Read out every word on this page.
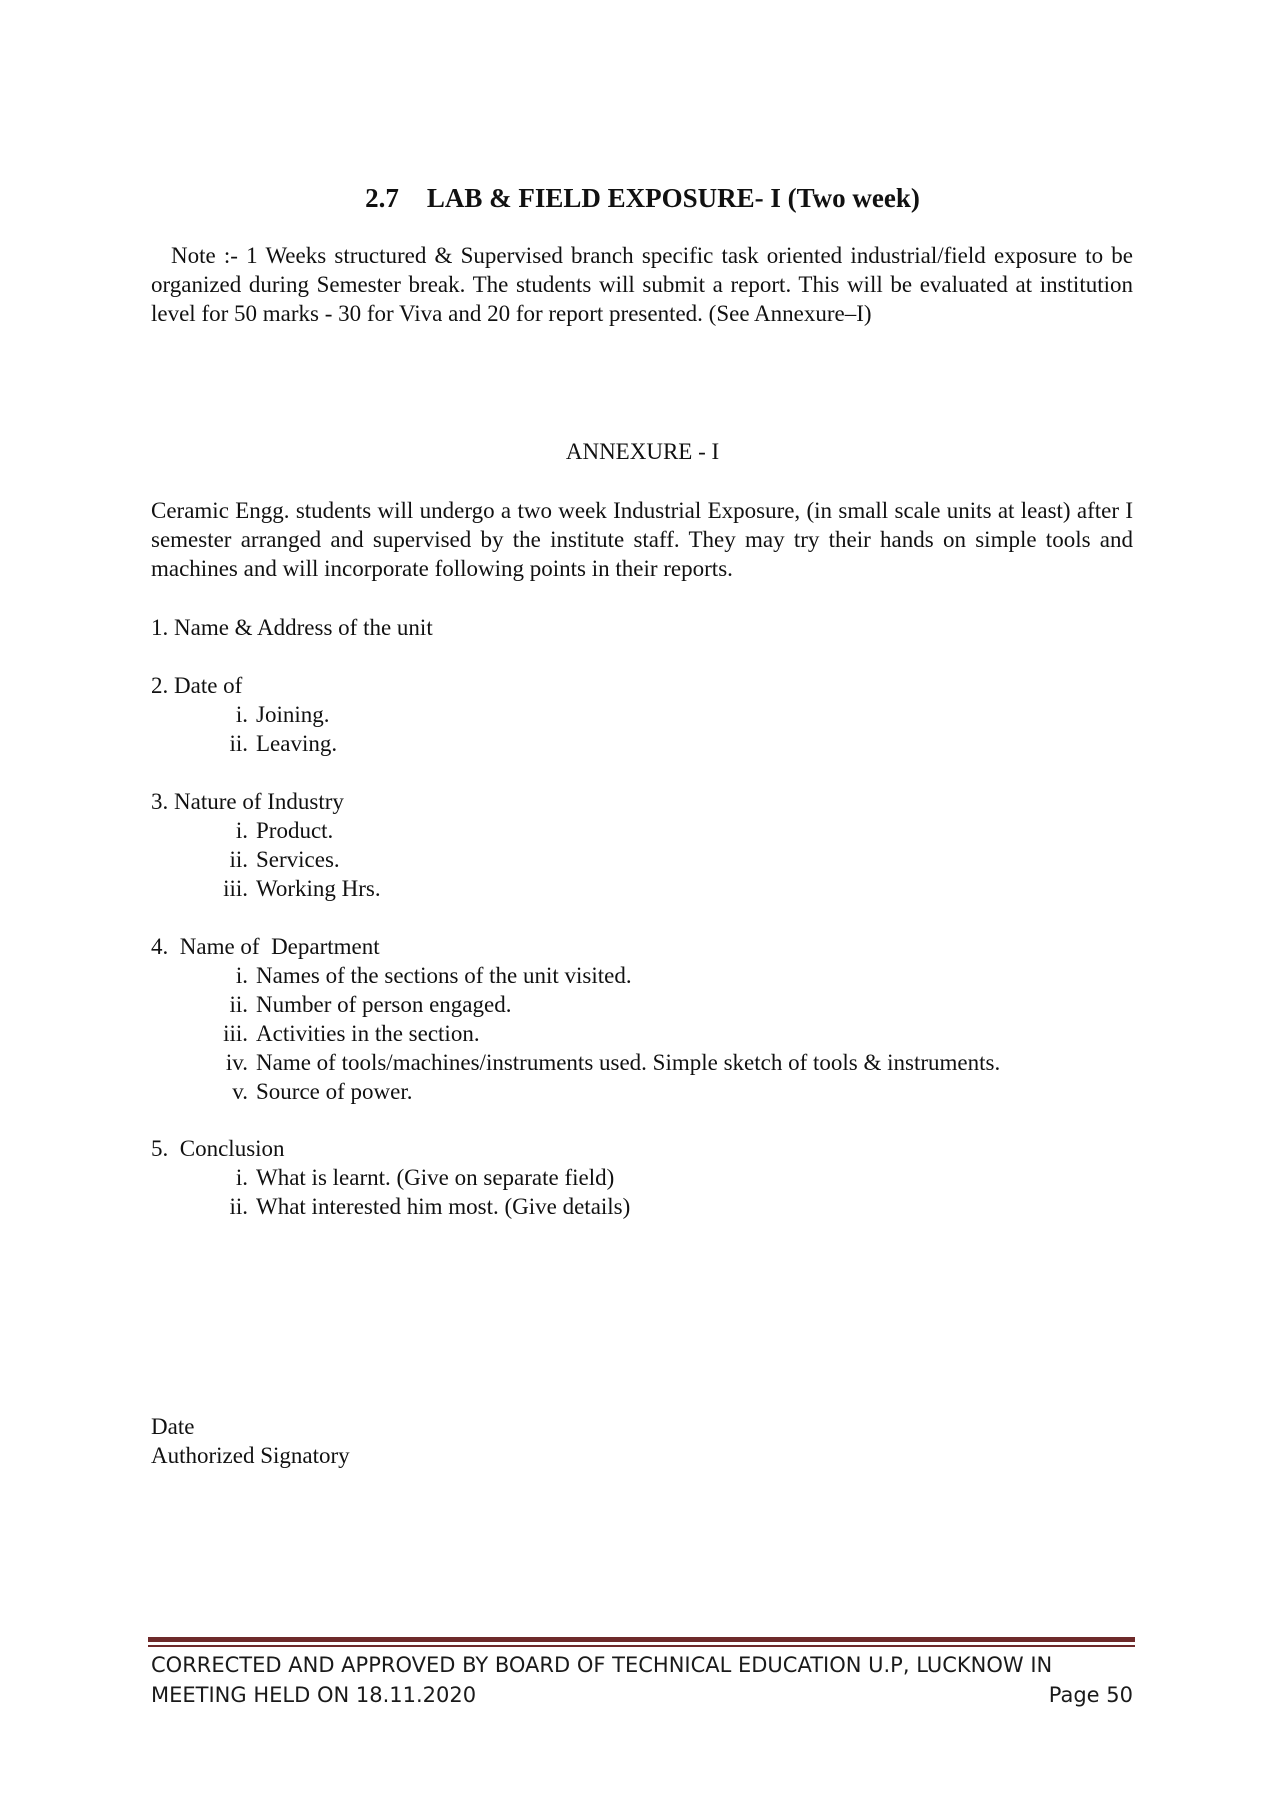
2.7 LAB & FIELD EXPOSURE- I (Two week)
Note :- 1 Weeks structured & Supervised branch specific task oriented industrial/field exposure to be organized during Semester break. The students will submit a report. This will be evaluated at institution level for 50 marks - 30 for Viva and 20 for report presented. (See Annexure–I)
ANNEXURE - I
Ceramic Engg. students will undergo a two week Industrial Exposure, (in small scale units at least) after I semester arranged and supervised by the institute staff. They may try their hands on simple tools and machines and will incorporate following points in their reports.
1. Name & Address of the unit
2. Date of
i. Joining.
ii. Leaving.
3. Nature of Industry
i. Product.
ii. Services.
iii. Working Hrs.
4.  Name of  Department
i. Names of the sections of the unit visited.
ii. Number of person engaged.
iii. Activities in the section.
iv. Name of tools/machines/instruments used. Simple sketch of tools & instruments.
v. Source of power.
5.  Conclusion
i. What is learnt. (Give on separate field)
ii. What interested him most. (Give details)
Date
Authorized Signatory
CORRECTED AND APPROVED BY BOARD OF TECHNICAL EDUCATION U.P, LUCKNOW IN
MEETING HELD ON 18.11.2020	Page 50
